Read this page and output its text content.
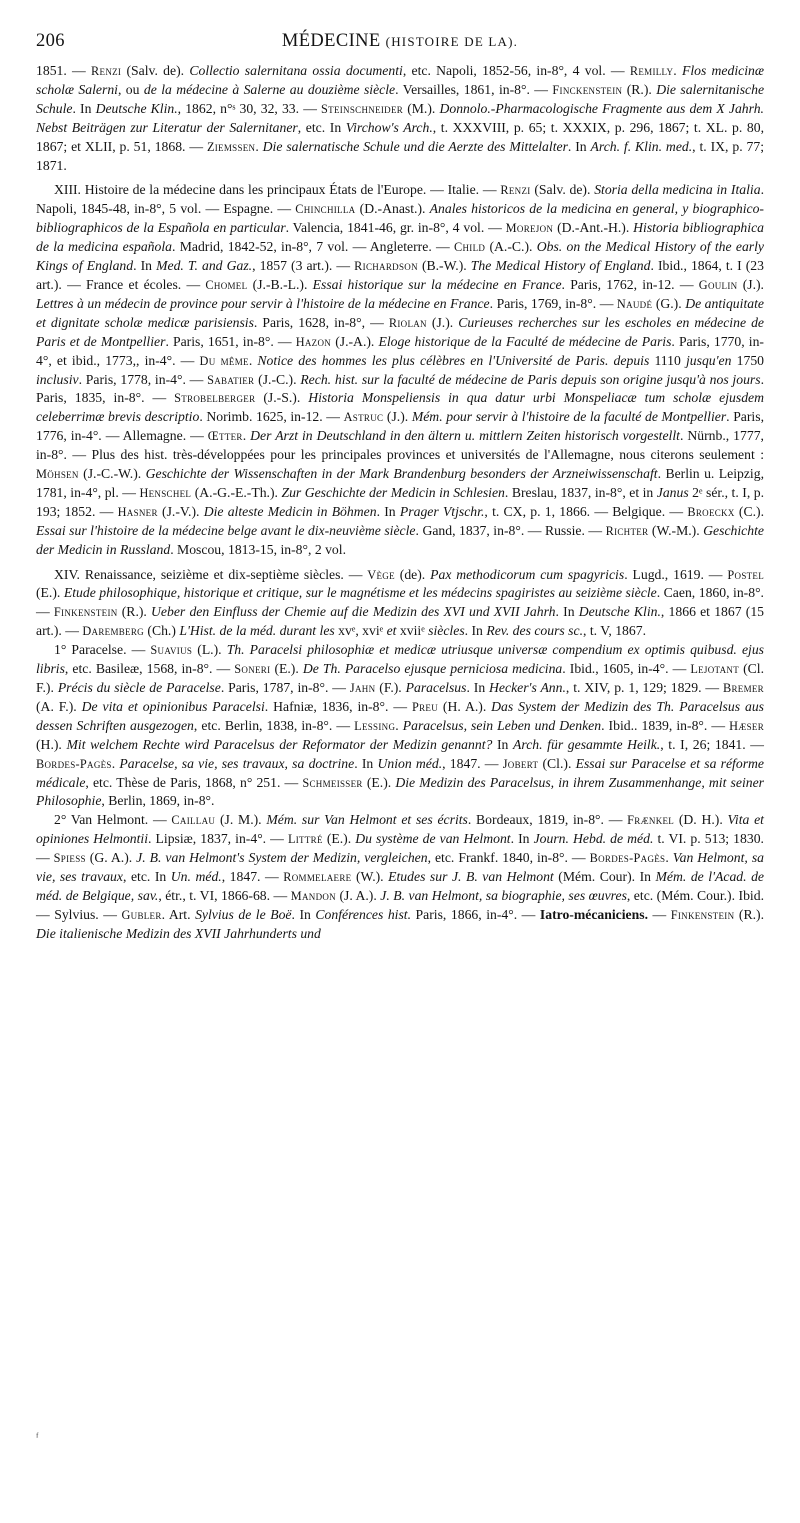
206	MÉDECINE (HISTOIRE DE LA).

1851. — Renzi (Salv. de). Collectio salernitana ossia documenti, etc. Napoli, 1852-56, in-8°, 4 vol. — Remilly. Flos medicinæ scholæ Salerni, ou de la médecine à Salerne au douzième siècle. Versailles, 1861, in-8°. — Finckenstein (R.). Die salernitanische Schule. In Deutsche Klin., 1862, n°ˢ 30, 32, 33. — Steinschneider (M.). Donnolo.-Pharmacologische Fragmente aus dem X Jahrh. Nebst Beiträgen zur Literatur der Salernitaner, etc. In Virchow's Arch., t. XXXVIII, p. 65; t. XXXIX, p. 296, 1867; t. XL. p. 80, 1867; et XLII, p. 51, 1868. — Ziemssen. Die salernatische Schule und die Aerzte des Mittelalter. In Arch. f. Klin. med., t. IX, p. 77; 1871.

XIII. Histoire de la médecine dans les principaux États de l'Europe. — Italie. — Renzi (Salv. de). Storia della medicina in Italia. Napoli, 1845-48, in-8°, 5 vol. — Espagne. — Chinchilla (D.-Anast.). Anales historicos de la medicina en general, y biographico-bibliographicos de la Española en particular. Valencia, 1841-46, gr. in-8°, 4 vol. — Morejon (D.-Ant.-H.). Historia bibliographica de la medicina española. Madrid, 1842-52, in-8°, 7 vol. — Angleterre. — Child (A.-C.). Obs. on the Medical History of the early Kings of England. In Med. T. and Gaz., 1857 (3 art.). — Richardson (B.-W.). The Medical History of England. Ibid., 1864, t. I (23 art.). — France et écoles. — Chomel (J.-B.-L.). Essai historique sur la médecine en France. Paris, 1762, in-12. — Goulin (J.). Lettres à un médecin de province pour servir à l'histoire de la médecine en France. Paris, 1769, in-8°. — Naudé (G.). De antiquitate et dignitate scholæ medicæ parisiensis. Paris, 1628, in-8°, — Riolan (J.). Curieuses recherches sur les escholes en médecine de Paris et de Montpellier. Paris, 1651, in-8°. — Hazon (J.-A.). Eloge historique de la Faculté de médecine de Paris. Paris, 1770, in-4°, et ibid., 1773,, in-4°. — Du même. Notice des hommes les plus célèbres en l'Université de Paris. depuis 1110 jusqu'en 1750 inclusiv. Paris, 1778, in-4°. — Sabatier (J.-C.). Rech. hist. sur la faculté de médecine de Paris depuis son origine jusqu'à nos jours. Paris, 1835, in-8°. — Strobelberger (J.-S.). Historia Monspeliensis in qua datur urbi Monspeliacæ tum scholæ ejusdem celeberrimæ brevis descriptio. Norimb. 1625, in-12. — Astruc (J.). Mém. pour servir à l'histoire de la faculté de Montpellier. Paris, 1776, in-4°. — Allemagne. — Œtter. Der Arzt in Deutschland in den ältern u. mittlern Zeiten historisch vorgestellt. Nürnb., 1777, in-8°. — Plus des hist. très-développées pour les principales provinces et universités de l'Allemagne, nous citerons seulement : Möhsen (J.-C.-W.). Geschichte der Wissenschaften in der Mark Brandenburg besonders der Arzneiwissenschaft. Berlin u. Leipzig, 1781, in-4°, pl. — Henschel (A.-G.-E.-Th.). Zur Geschichte der Medicin in Schlesien. Breslau, 1837, in-8°, et in Janus 2ᵉ sér., t. I, p. 193; 1852. — Hasner (J.-V.). Die alteste Medicin in Böhmen. In Prager Vtjschr., t. CX, p. 1, 1866. — Belgique. — Broeckx (C.). Essai sur l'histoire de la médecine belge avant le dix-neuvième siècle. Gand, 1837, in-8°. — Russie. — Richter (W.-M.). Geschichte der Medicin in Russland. Moscou, 1813-15, in-8°, 2 vol.

XIV. Renaissance, seizième et dix-septième siècles. — Vège (de). Pax methodicorum cum spagyricis. Lugd., 1619. — Postel (E.). Etude philosophique, historique et critique, sur le magnétisme et les médecins spagiristes au seizième siècle. Caen, 1860, in-8°. — Finkenstein (R.). Ueber den Einfluss der Chemie auf die Medizin des XVI und XVII Jahrh. In Deutsche Klin., 1866 et 1867 (15 art.). — Daremberg (Ch.) L'Hist. de la méd. durant les xvᵉ, xviᵉ et xviiᵉ siècles. In Rev. des cours sc., t. V, 1867.

1° Paracelse. — Suavius (L.). Th. Paracelsi philosophiæ et medicæ utriusque universæ compendium ex optimis quibusd. ejus libris, etc. Basileæ, 1568, in-8°. — Soneri (E.). De Th. Paracelso ejusque perniciosa medicina. Ibid., 1605, in-4°. — Lejotant (Cl. F.). Précis du siècle de Paracelse. Paris, 1787, in-8°. — Jahn (F.). Paracelsus. In Hecker's Ann., t. XIV, p. 1, 129; 1829. — Bremer (A. F.). De vita et opinionibus Paracelsi. Hafniæ, 1836, in-8°. — Preu (H. A.). Das System der Medizin des Th. Paracelsus aus dessen Schriften ausgezogen, etc. Berlin, 1838, in-8°. — Lessing. Paracelsus, sein Leben und Denken. Ibid.. 1839, in-8°. — Hæser (H.). Mit welchem Rechte wird Paracelsus der Reformator der Medizin genannt? In Arch. für gesammte Heilk., t. I, 26; 1841. — Bordes-Pagès. Paracelse, sa vie, ses travaux, sa doctrine. In Union méd., 1847. — Jobert (Cl.). Essai sur Paracelse et sa réforme médicale, etc. Thèse de Paris, 1868, n° 251. — Schmeisser (E.). Die Medizin des Paracelsus, in ihrem Zusammenhange, mit seiner Philosophie, Berlin, 1869, in-8°.

2° Van Helmont. — Caillau (J. M.). Mém. sur Van Helmont et ses écrits. Bordeaux, 1819, in-8°. — Frænkel (D. H.). Vita et opiniones Helmontii. Lipsiæ, 1837, in-4°. — Littré (E.). Du système de van Helmont. In Journ. Hebd. de méd. t. VI. p. 513; 1830. — Spiess (G. A.). J. B. van Helmont's System der Medizin, vergleichen, etc. Frankf. 1840, in-8°. — Bordes-Pagès. Van Helmont, sa vie, ses travaux, etc. In Un. méd., 1847. — Rommelaere (W.). Etudes sur J. B. van Helmont (Mém. Cour). In Mém. de l'Acad. de méd. de Belgique, sav., étr., t. VI, 1866-68. — Mandon (J. A.). J. B. van Helmont, sa biographie, ses œuvres, etc. (Mém. Cour.). Ibid. — Sylvius. — Gubler. Art. Sylvius de le Boë. In Conférences hist. Paris, 1866, in-4°. — Iatro-mécaniciens. — Finkenstein (R.). Die italienische Medizin des XVII Jahrhunderts und

ᶠ
